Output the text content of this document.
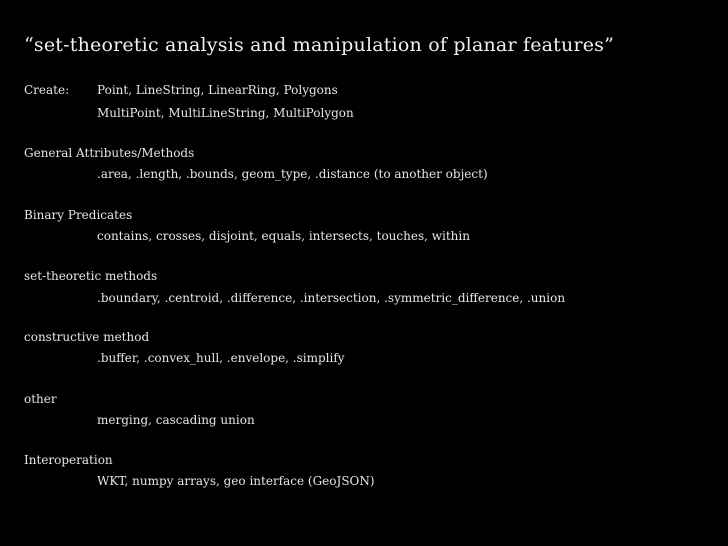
“set-theoretic analysis and manipulation of planar features”
Create: Point, LineString, LinearRing, Polygons
MultiPoint, MultiLineString, MultiPolygon
General Attributes/Methods
.area, .length, .bounds, geom_type, .distance (to another object)
Binary Predicates
contains, crosses, disjoint, equals, intersects, touches, within
set-theoretic methods
.boundary, .centroid, .difference, .intersection, .symmetric_difference, .union
constructive method
.buffer, .convex_hull, .envelope, .simplify
other
merging, cascading union
Interoperation
WKT, numpy arrays, geo interface (GeoJSON)
